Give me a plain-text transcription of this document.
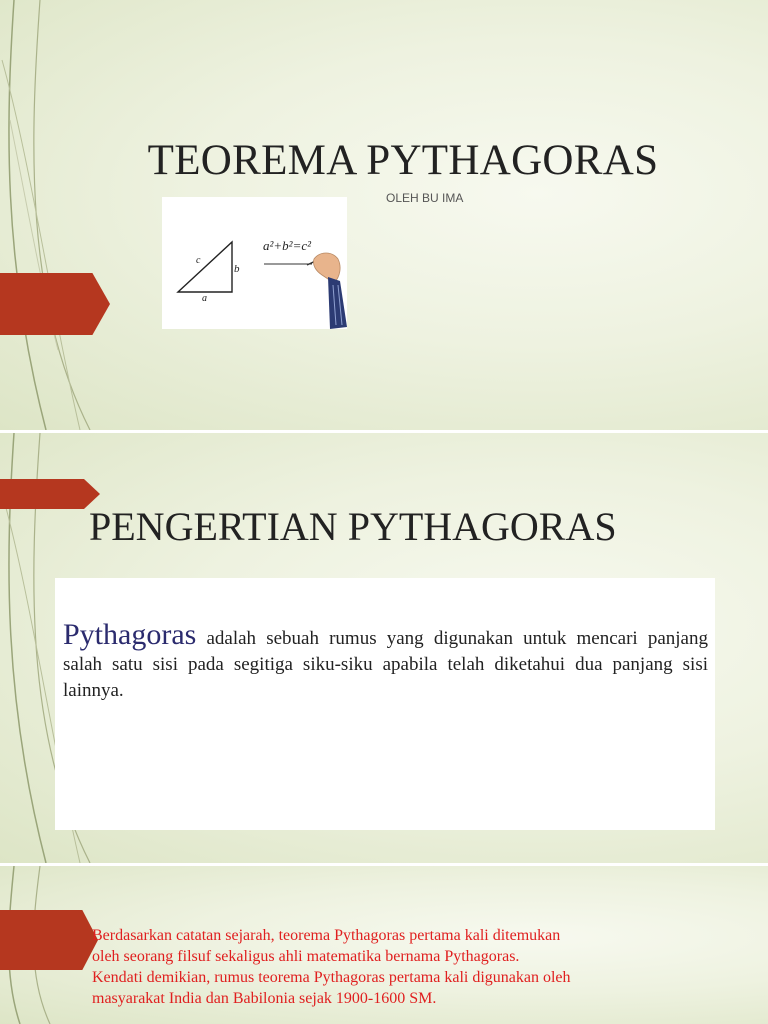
TEOREMA PYTHAGORAS
OLEH BU IMA
c
b
a
a²+b²=c²
PENGERTIAN PYTHAGORAS

Pythagoras adalah sebuah rumus yang digunakan untuk mencari panjang salah satu sisi pada segitiga siku-siku apabila telah diketahui dua panjang sisi lainnya.

Berdasarkan catatan sejarah, teorema Pythagoras pertama kali ditemukan
oleh seorang filsuf sekaligus ahli matematika bernama Pythagoras.
Kendati demikian, rumus teorema Pythagoras pertama kali digunakan oleh
masyarakat India dan Babilonia sejak 1900-1600 SM.
